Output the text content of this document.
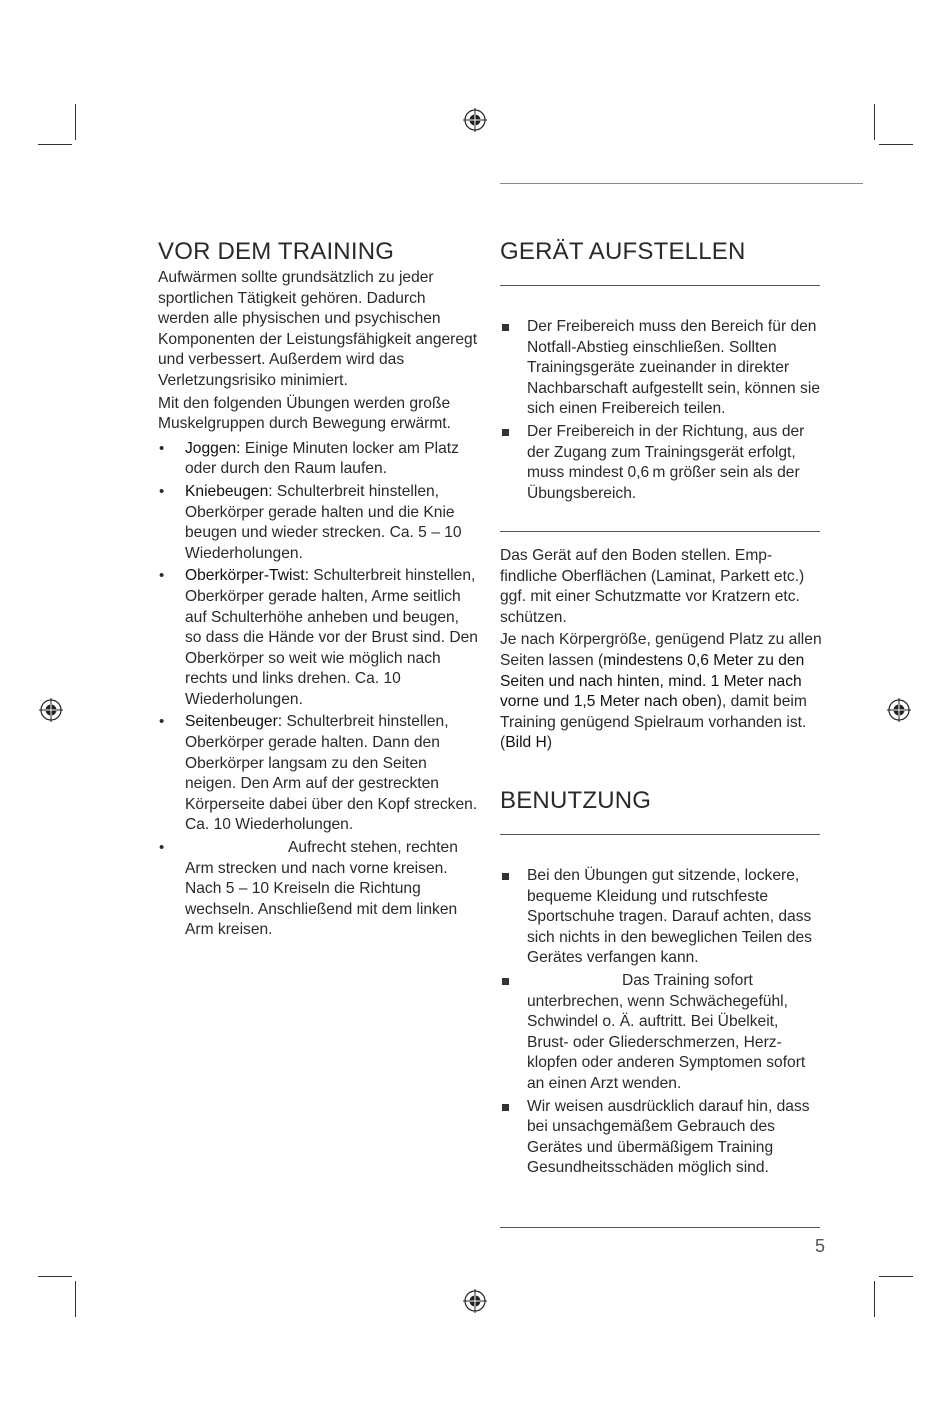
VOR DEM TRAINING

Aufwärmen sollte grundsätzlich zu jeder sportlichen Tätigkeit gehören. Dadurch werden alle physischen und psychischen Komponenten der Leistungsfähigkeit angeregt und verbessert. Außerdem wird das Verletzungsrisiko minimiert.

Mit den folgenden Übungen werden große Muskelgruppen durch Bewegung erwärmt.

• Joggen: Einige Minuten locker am Platz oder durch den Raum laufen.
• Kniebeugen: Schulterbreit hinstellen, Oberkörper gerade halten und die Knie beugen und wieder strecken. Ca. 5 – 10 Wiederholungen.
• Oberkörper-Twist: Schulterbreit hinstellen, Oberkörper gerade halten, Arme seitlich auf Schulterhöhe anheben und beugen, so dass die Hände vor der Brust sind. Den Oberkörper so weit wie möglich nach rechts und links drehen. Ca. 10 Wiederholungen.
• Seitenbeuger: Schulterbreit hinstellen, Oberkörper gerade halten. Dann den Oberkörper langsam zu den Seiten neigen. Den Arm auf der gestreckten Körperseite dabei über den Kopf strecken. Ca. 10 Wiederholungen.
• Aufrecht stehen, rechten Arm strecken und nach vorne kreisen. Nach 5 – 10 Kreiseln die Richtung wechseln. Anschließend mit dem linken Arm kreisen.
GERÄT AUFSTELLEN
Der Freibereich muss den Bereich für den Notfall-Abstieg einschließen. Sollten Trainingsgeräte zueinander in direkter Nachbarschaft aufgestellt sein, können sie sich einen Freibereich teilen.
Der Freibereich in der Richtung, aus der der Zugang zum Trainingsgerät erfolgt, muss mindest 0,6 m größer sein als der Übungsbereich.

Das Gerät auf den Boden stellen. Empfindliche Oberflächen (Laminat, Parkett etc.) ggf. mit einer Schutzmatte vor Kratzern etc. schützen.

Je nach Körpergröße, genügend Platz zu allen Seiten lassen (mindestens 0,6 Meter zu den Seiten und nach hinten, mind. 1 Meter nach vorne und 1,5 Meter nach oben), damit beim Training genügend Spielraum vorhanden ist. (Bild H)

BENUTZUNG
Bei den Übungen gut sitzende, lockere, bequeme Kleidung und rutschfeste Sportschuhe tragen. Darauf achten, dass sich nichts in den beweglichen Teilen des Gerätes verfangen kann.
Das Training sofort unterbrechen, wenn Schwächegefühl, Schwindel o. Ä. auftritt. Bei Übelkeit, Brust- oder Gliederschmerzen, Herzklopfen oder anderen Symptomen sofort an einen Arzt wenden.
Wir weisen ausdrücklich darauf hin, dass bei unsachgemäßem Gebrauch des Gerätes und übermäßigem Training Gesundheitsschäden möglich sind.
5
